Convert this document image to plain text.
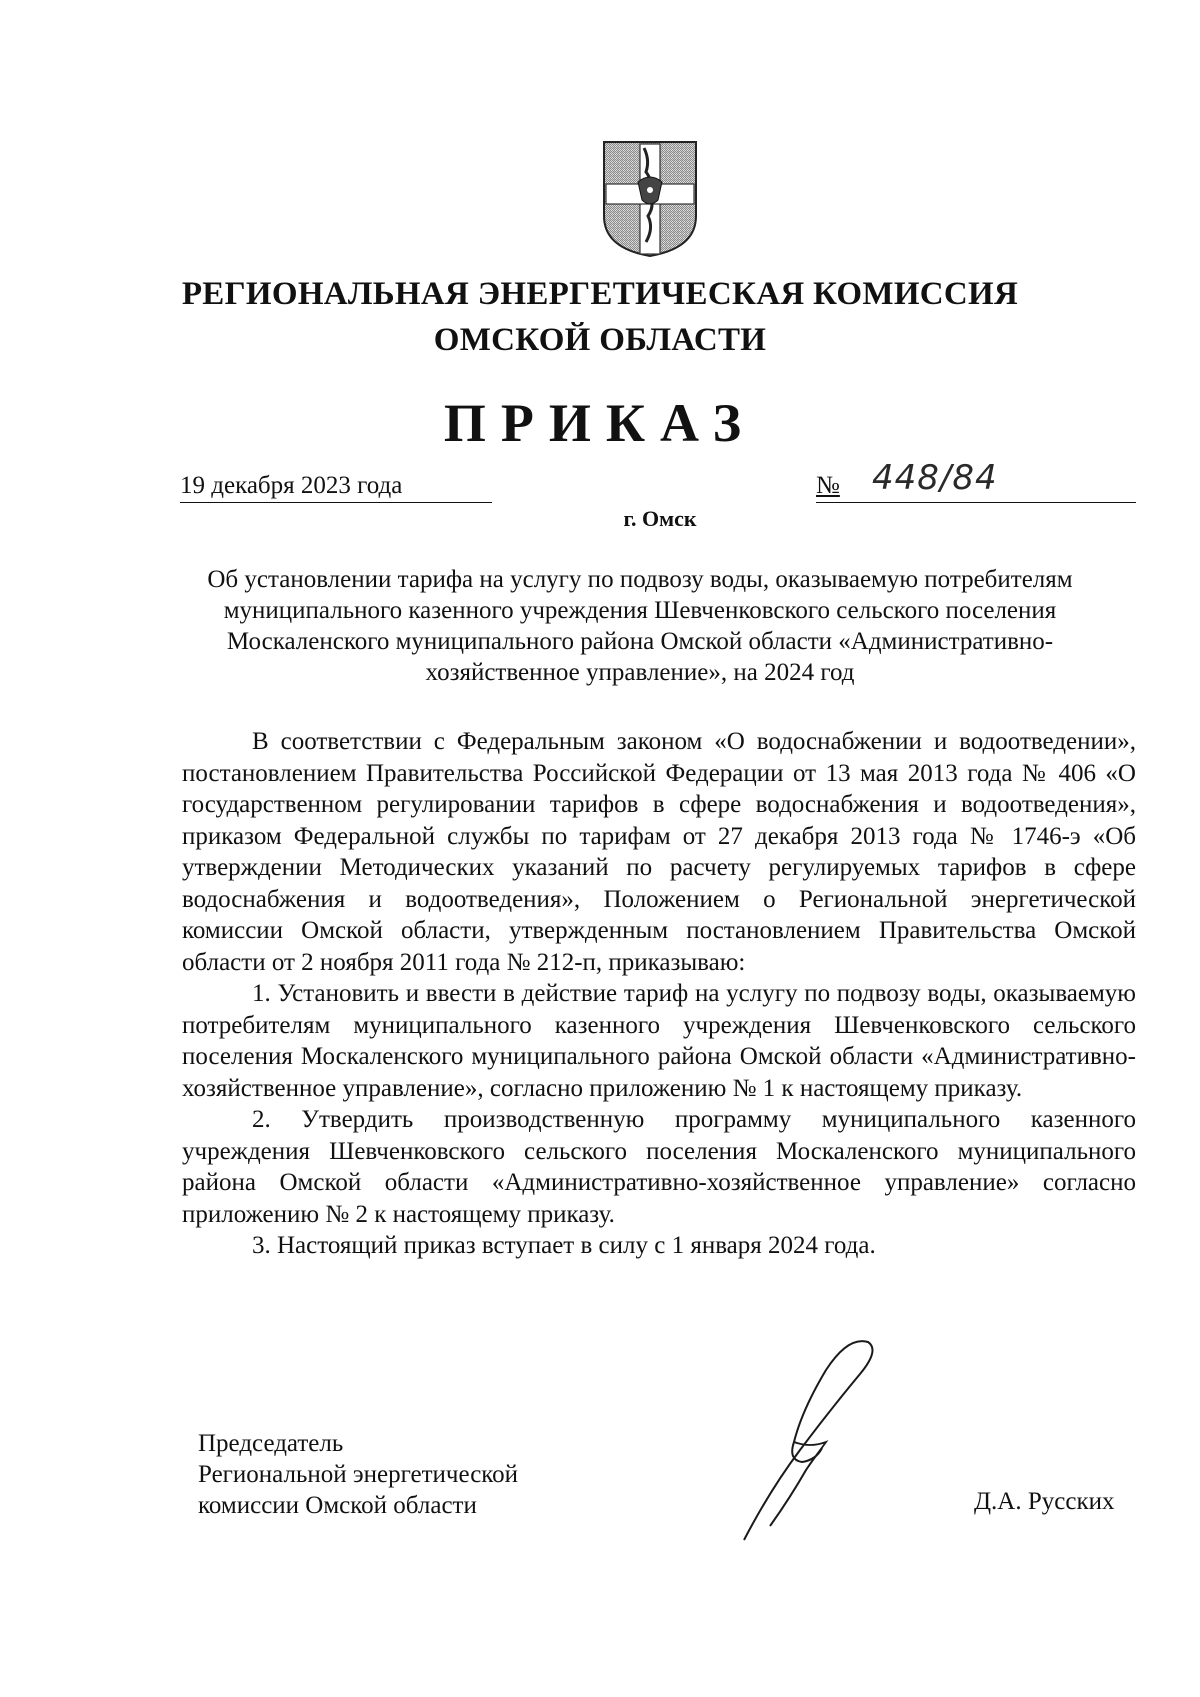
РЕГИОНАЛЬНАЯ ЭНЕРГЕТИЧЕСКАЯ КОМИССИЯ
ОМСКОЙ ОБЛАСТИ
ПРИКАЗ
19 декабря 2023 года	№ 448/84
г. Омск
Об установлении тарифа на услугу по подвозу воды, оказываемую потребителям муниципального казенного учреждения Шевченковского сельского поселения Москаленского муниципального района Омской области «Административно-хозяйственное управление», на 2024 год

В соответствии с Федеральным законом «О водоснабжении и водоотведении», постановлением Правительства Российской Федерации от 13 мая 2013 года № 406 «О государственном регулировании тарифов в сфере водоснабжения и водоотведения», приказом Федеральной службы по тарифам от 27 декабря 2013 года № 1746-э «Об утверждении Методических указаний по расчету регулируемых тарифов в сфере водоснабжения и водоотведения», Положением о Региональной энергетической комиссии Омской области, утвержденным постановлением Правительства Омской области от 2 ноября 2011 года № 212-п, приказываю:

1. Установить и ввести в действие тариф на услугу по подвозу воды, оказываемую потребителям муниципального казенного учреждения Шевченковского сельского поселения Москаленского муниципального района Омской области «Административно-хозяйственное управление», согласно приложению № 1 к настоящему приказу.

2. Утвердить производственную программу муниципального казенного учреждения Шевченковского сельского поселения Москаленского муниципального района Омской области «Административно-хозяйственное управление» согласно приложению № 2 к настоящему приказу.

3. Настоящий приказ вступает в силу с 1 января 2024 года.

Председатель
Региональной энергетической
комиссии Омской области	Д.А. Русских
